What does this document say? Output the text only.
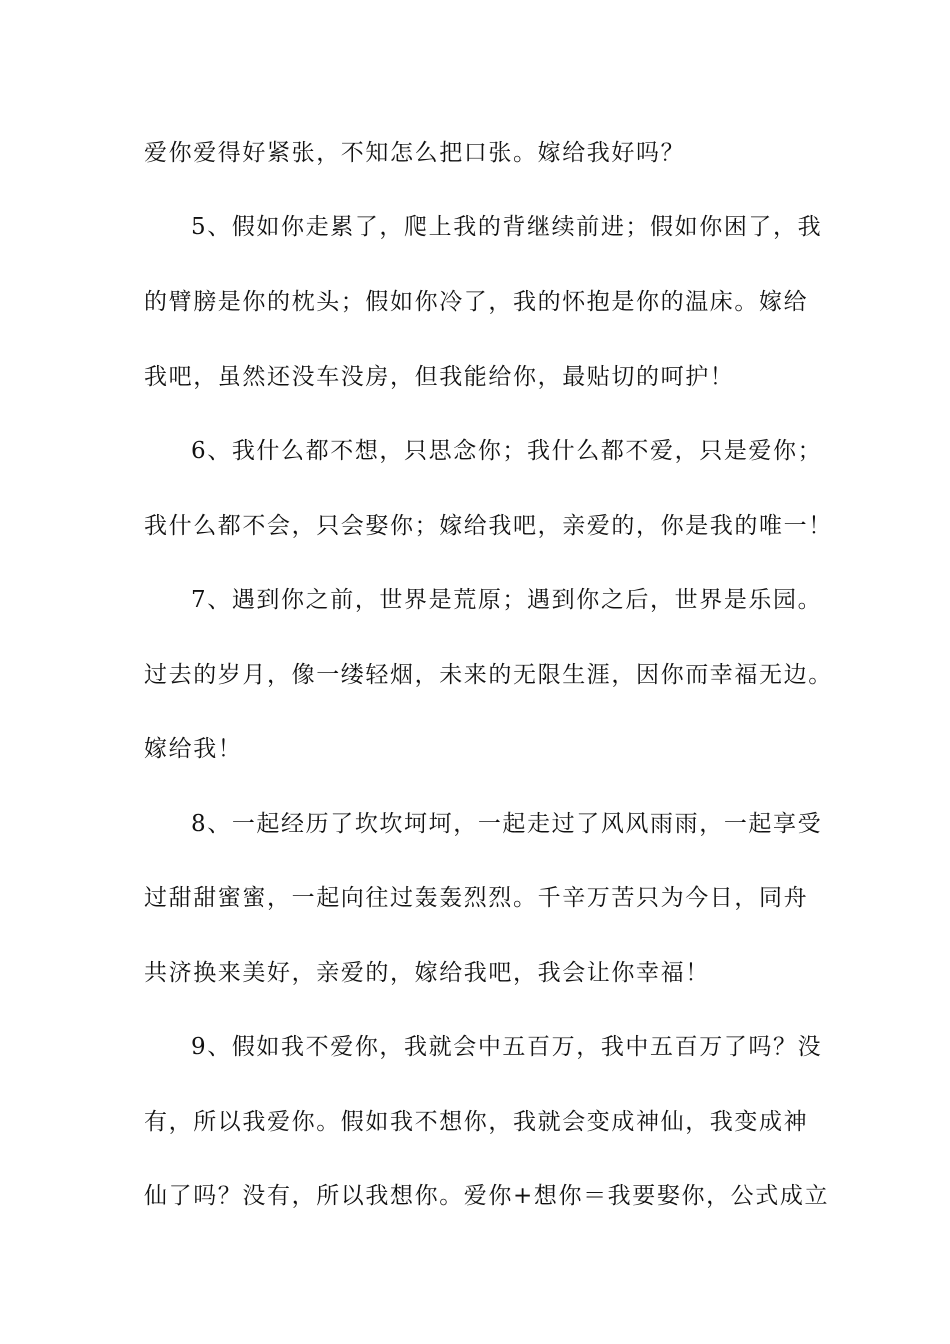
爱你爱得好紧张，不知怎么把口张。嫁给我好吗？
5、假如你走累了，爬上我的背继续前进；假如你困了，我
的臂膀是你的枕头；假如你冷了，我的怀抱是你的温床。嫁给
我吧，虽然还没车没房，但我能给你，最贴切的呵护！
6、我什么都不想，只思念你；我什么都不爱，只是爱你；
我什么都不会，只会娶你；嫁给我吧，亲爱的，你是我的唯一！
7、遇到你之前，世界是荒原；遇到你之后，世界是乐园。
过去的岁月，像一缕轻烟，未来的无限生涯，因你而幸福无边。
嫁给我！
8、一起经历了坎坎坷坷，一起走过了风风雨雨，一起享受
过甜甜蜜蜜，一起向往过轰轰烈烈。千辛万苦只为今日，同舟
共济换来美好，亲爱的，嫁给我吧，我会让你幸福！
9、假如我不爱你，我就会中五百万，我中五百万了吗？没
有，所以我爱你。假如我不想你，我就会变成神仙，我变成神
仙了吗？没有，所以我想你。爱你+想你＝我要娶你，公式成立
